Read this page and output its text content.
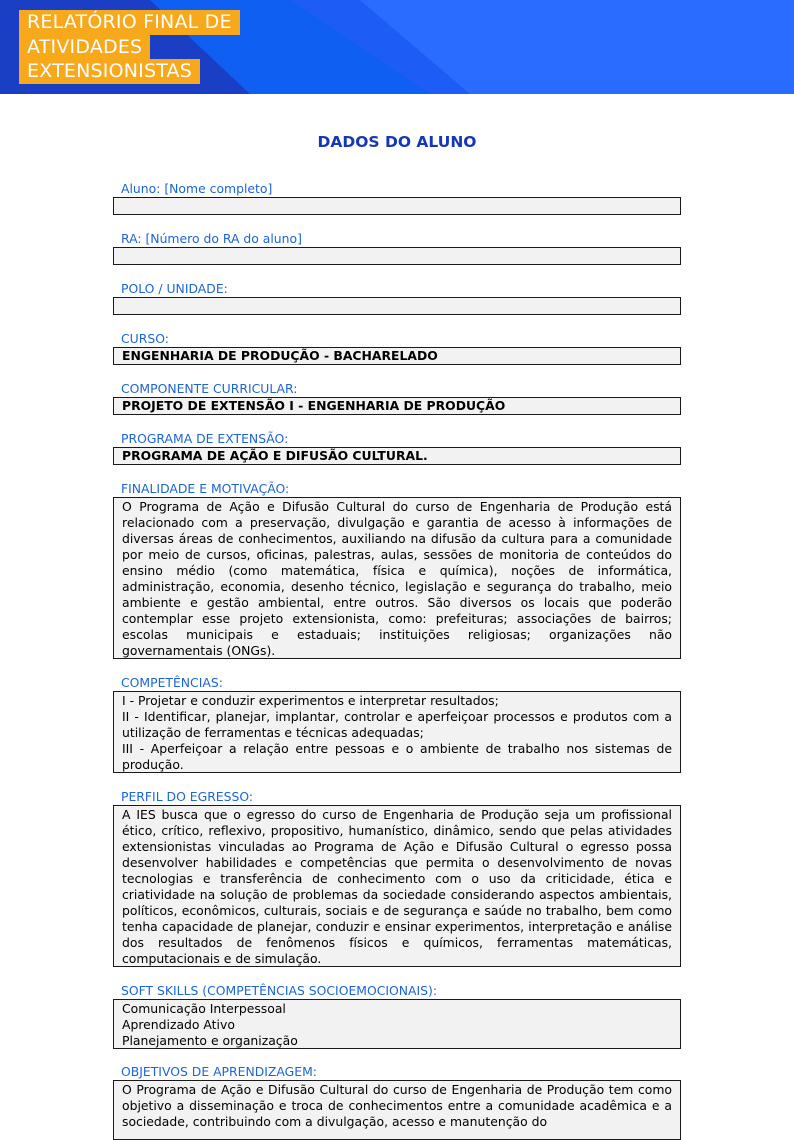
RELATÓRIO FINAL DE
ATIVIDADES
EXTENSIONISTAS
DADOS DO ALUNO
Aluno: [Nome completo]
RA: [Número do RA do aluno]
POLO / UNIDADE:
CURSO:
ENGENHARIA DE PRODUÇÃO - BACHARELADO
COMPONENTE CURRICULAR:
PROJETO DE EXTENSÃO I - ENGENHARIA DE PRODUÇÃO
PROGRAMA DE EXTENSÃO:
PROGRAMA DE AÇÃO E DIFUSÃO CULTURAL.
FINALIDADE E MOTIVAÇÃO:
O Programa de Ação e Difusão Cultural do curso de Engenharia de Produção está relacionado com a preservação, divulgação e garantia de acesso à informações de diversas áreas de conhecimentos, auxiliando na difusão da cultura para a comunidade por meio de cursos, oficinas, palestras, aulas, sessões de monitoria de conteúdos do ensino médio (como matemática, física e química), noções de informática, administração, economia, desenho técnico, legislação e segurança do trabalho, meio ambiente e gestão ambiental, entre outros. São diversos os locais que poderão contemplar esse projeto extensionista, como: prefeituras; associações de bairros; escolas municipais e estaduais; instituições religiosas; organizações não governamentais (ONGs).
COMPETÊNCIAS:
I - Projetar e conduzir experimentos e interpretar resultados;
II - Identificar, planejar, implantar, controlar e aperfeiçoar processos e produtos com a utilização de ferramentas e técnicas adequadas;
III - Aperfeiçoar a relação entre pessoas e o ambiente de trabalho nos sistemas de produção.
PERFIL DO EGRESSO:
A IES busca que o egresso do curso de Engenharia de Produção seja um profissional ético, crítico, reflexivo, propositivo, humanístico, dinâmico, sendo que pelas atividades extensionistas vinculadas ao Programa de Ação e Difusão Cultural o egresso possa desenvolver habilidades e competências que permita o desenvolvimento de novas tecnologias e transferência de conhecimento com o uso da criticidade, ética e criatividade na solução de problemas da sociedade considerando aspectos ambientais, políticos, econômicos, culturais, sociais e de segurança e saúde no trabalho, bem como tenha capacidade de planejar, conduzir e ensinar experimentos, interpretação e análise dos resultados de fenômenos físicos e químicos, ferramentas matemáticas, computacionais e de simulação.
SOFT SKILLS (COMPETÊNCIAS SOCIOEMOCIONAIS):
Comunicação Interpessoal
Aprendizado Ativo
Planejamento e organização
OBJETIVOS DE APRENDIZAGEM:
O Programa de Ação e Difusão Cultural do curso de Engenharia de Produção tem como objetivo a disseminação e troca de conhecimentos entre a comunidade acadêmica e a sociedade, contribuindo com a divulgação, acesso e manutenção do
